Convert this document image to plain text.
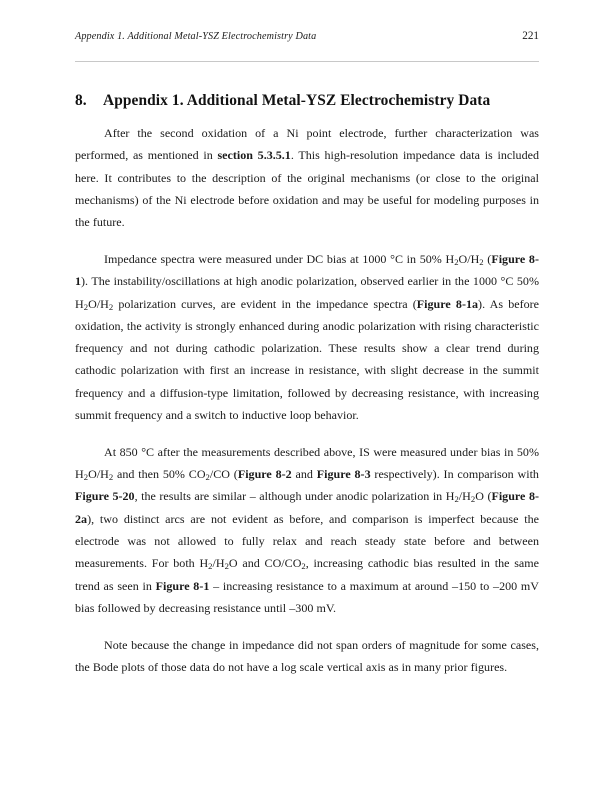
Appendix 1. Additional Metal-YSZ Electrochemistry Data	221
8.	Appendix 1. Additional Metal-YSZ Electrochemistry Data

After the second oxidation of a Ni point electrode, further characterization was performed, as mentioned in section 5.3.5.1. This high-resolution impedance data is included here. It contributes to the description of the original mechanisms (or close to the original mechanisms) of the Ni electrode before oxidation and may be useful for modeling purposes in the future.

Impedance spectra were measured under DC bias at 1000 °C in 50% $H_2O/H_2$ (Figure 8-1). The instability/oscillations at high anodic polarization, observed earlier in the 1000 °C 50% $H_2O/H_2$ polarization curves, are evident in the impedance spectra (Figure 8-1a). As before oxidation, the activity is strongly enhanced during anodic polarization with rising characteristic frequency and not during cathodic polarization. These results show a clear trend during cathodic polarization with first an increase in resistance, with slight decrease in the summit frequency and a diffusion-type limitation, followed by decreasing resistance, with increasing summit frequency and a switch to inductive loop behavior.

At 850 °C after the measurements described above, IS were measured under bias in 50% $H_2O/H_2$ and then 50% $CO_2/CO$ (Figure 8-2 and Figure 8-3 respectively). In comparison with Figure 5-20, the results are similar – although under anodic polarization in $H_2/H_2O$ (Figure 8-2a), two distinct arcs are not evident as before, and comparison is imperfect because the electrode was not allowed to fully relax and reach steady state before and between measurements. For both $H_2/H_2O$ and $CO/CO_2$, increasing cathodic bias resulted in the same trend as seen in Figure 8-1 – increasing resistance to a maximum at around –150 to –200 mV bias followed by decreasing resistance until –300 mV.

Note because the change in impedance did not span orders of magnitude for some cases, the Bode plots of those data do not have a log scale vertical axis as in many prior figures.
